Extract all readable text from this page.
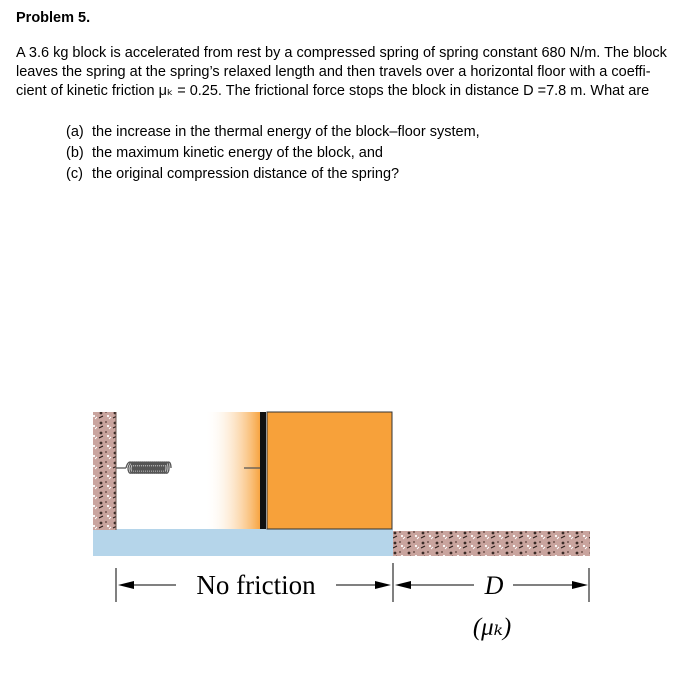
Problem 5.
A 3.6 kg block is accelerated from rest by a compressed spring of spring constant 680 N/m. The block
leaves the spring at the spring’s relaxed length and then travels over a horizontal floor with a coeffi-
cient of kinetic friction μₖ = 0.25. The frictional force stops the block in distance D =7.8 m. What are
(a) the increase in the thermal energy of the block–floor system,
(b) the maximum kinetic energy of the block, and
(c) the original compression distance of the spring?
No friction	D
(μₖ)
